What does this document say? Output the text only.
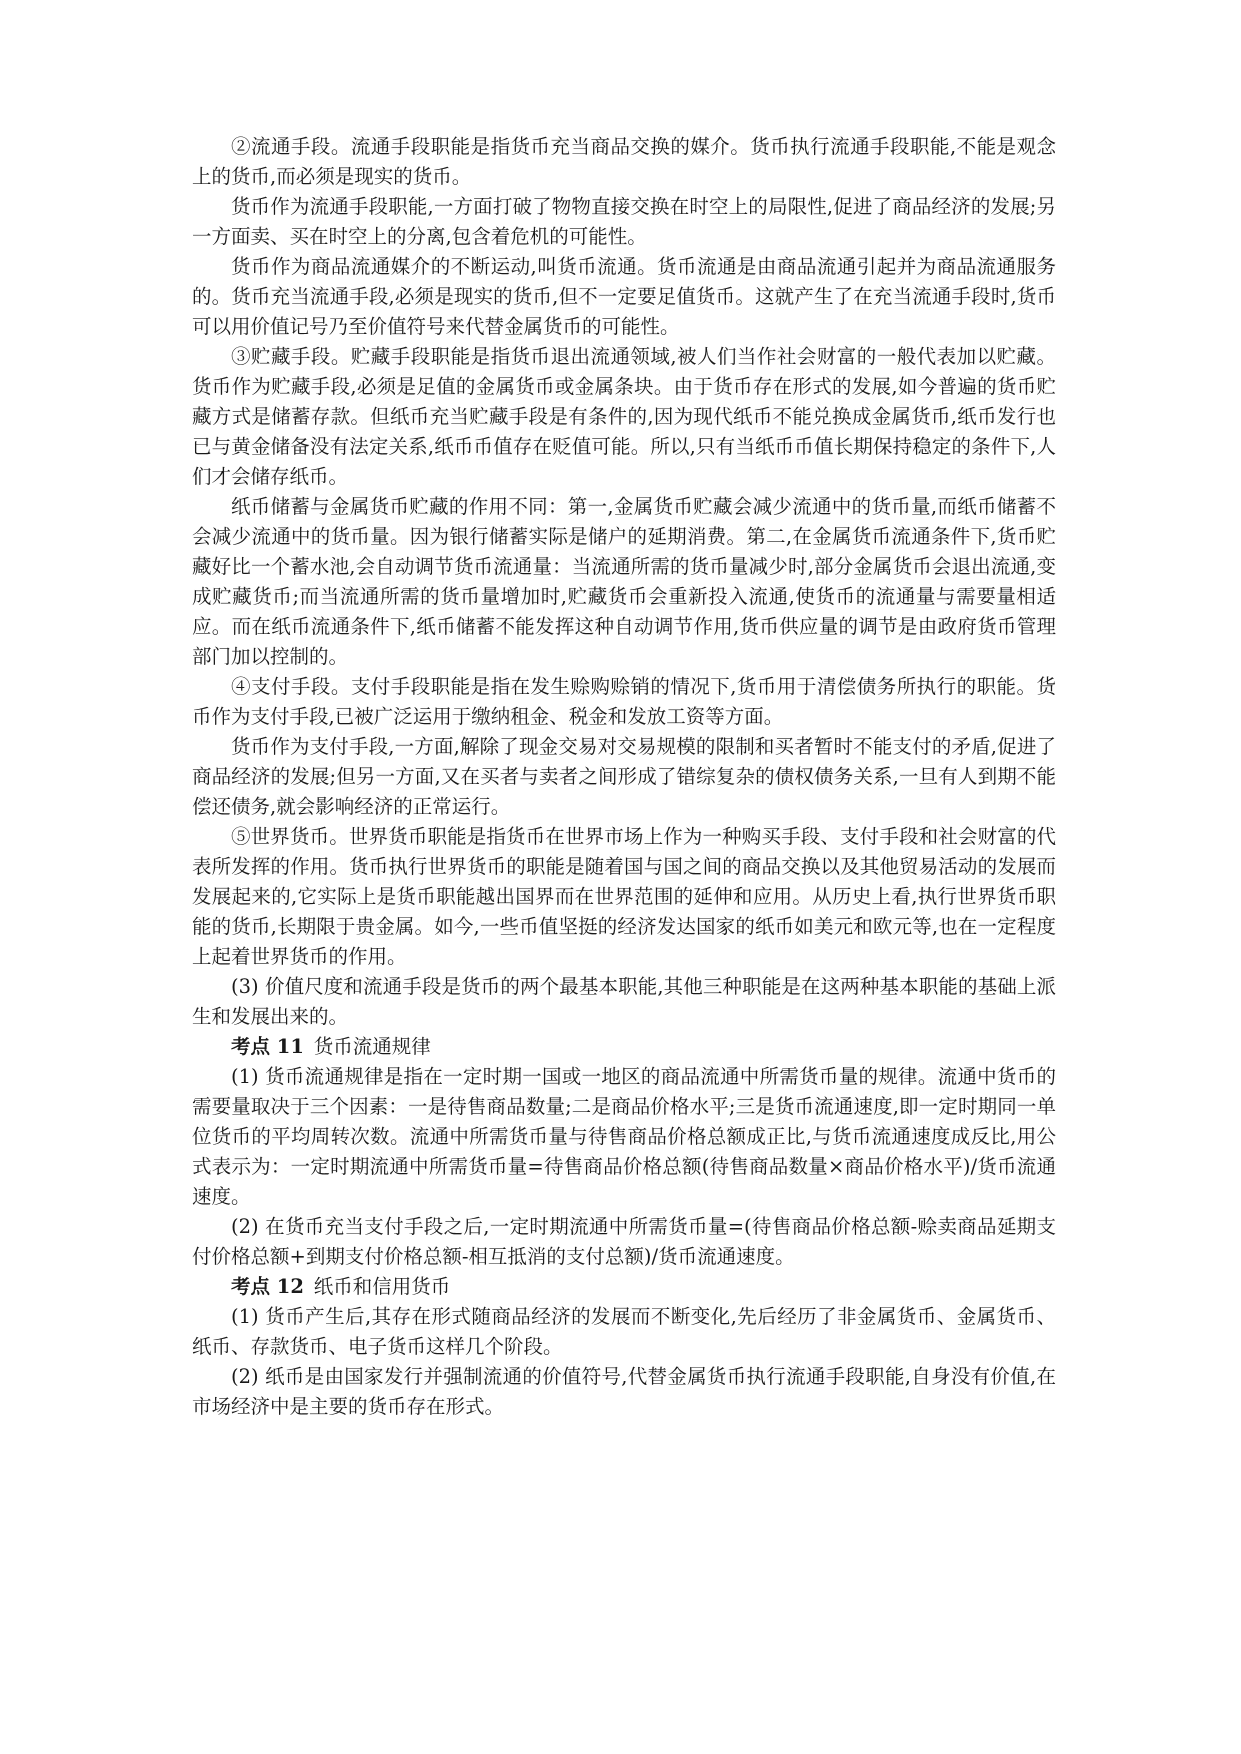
②流通手段。流通手段职能是指货币充当商品交换的媒介。货币执行流通手段职能,不能是观念上的货币,而必须是现实的货币。

货币作为流通手段职能,一方面打破了物物直接交换在时空上的局限性,促进了商品经济的发展;另一方面卖、买在时空上的分离,包含着危机的可能性。

货币作为商品流通媒介的不断运动,叫货币流通。货币流通是由商品流通引起并为商品流通服务的。货币充当流通手段,必须是现实的货币,但不一定要足值货币。这就产生了在充当流通手段时,货币可以用价值记号乃至价值符号来代替金属货币的可能性。

③贮藏手段。贮藏手段职能是指货币退出流通领域,被人们当作社会财富的一般代表加以贮藏。货币作为贮藏手段,必须是足值的金属货币或金属条块。由于货币存在形式的发展,如今普遍的货币贮藏方式是储蓄存款。但纸币充当贮藏手段是有条件的,因为现代纸币不能兑换成金属货币,纸币发行也已与黄金储备没有法定关系,纸币币值存在贬值可能。所以,只有当纸币币值长期保持稳定的条件下,人们才会储存纸币。

纸币储蓄与金属货币贮藏的作用不同：第一,金属货币贮藏会减少流通中的货币量,而纸币储蓄不会减少流通中的货币量。因为银行储蓄实际是储户的延期消费。第二,在金属货币流通条件下,货币贮藏好比一个蓄水池,会自动调节货币流通量：当流通所需的货币量减少时,部分金属货币会退出流通,变成贮藏货币;而当流通所需的货币量增加时,贮藏货币会重新投入流通,使货币的流通量与需要量相适应。而在纸币流通条件下,纸币储蓄不能发挥这种自动调节作用,货币供应量的调节是由政府货币管理部门加以控制的。

④支付手段。支付手段职能是指在发生赊购赊销的情况下,货币用于清偿债务所执行的职能。货币作为支付手段,已被广泛运用于缴纳租金、税金和发放工资等方面。

货币作为支付手段,一方面,解除了现金交易对交易规模的限制和买者暂时不能支付的矛盾,促进了商品经济的发展;但另一方面,又在买者与卖者之间形成了错综复杂的债权债务关系,一旦有人到期不能偿还债务,就会影响经济的正常运行。

⑤世界货币。世界货币职能是指货币在世界市场上作为一种购买手段、支付手段和社会财富的代表所发挥的作用。货币执行世界货币的职能是随着国与国之间的商品交换以及其他贸易活动的发展而发展起来的,它实际上是货币职能越出国界而在世界范围的延伸和应用。从历史上看,执行世界货币职能的货币,长期限于贵金属。如今,一些币值坚挺的经济发达国家的纸币如美元和欧元等,也在一定程度上起着世界货币的作用。

(3) 价值尺度和流通手段是货币的两个最基本职能,其他三种职能是在这两种基本职能的基础上派生和发展出来的。

考点 11 货币流通规律

(1) 货币流通规律是指在一定时期一国或一地区的商品流通中所需货币量的规律。流通中货币的需要量取决于三个因素：一是待售商品数量;二是商品价格水平;三是货币流通速度,即一定时期同一单位货币的平均周转次数。流通中所需货币量与待售商品价格总额成正比,与货币流通速度成反比,用公式表示为：一定时期流通中所需货币量=待售商品价格总额(待售商品数量×商品价格水平)/货币流通速度。

(2) 在货币充当支付手段之后,一定时期流通中所需货币量=(待售商品价格总额-赊卖商品延期支付价格总额+到期支付价格总额-相互抵消的支付总额)/货币流通速度。

考点 12 纸币和信用货币

(1) 货币产生后,其存在形式随商品经济的发展而不断变化,先后经历了非金属货币、金属货币、纸币、存款货币、电子货币这样几个阶段。

(2) 纸币是由国家发行并强制流通的价值符号,代替金属货币执行流通手段职能,自身没有价值,在市场经济中是主要的货币存在形式。
